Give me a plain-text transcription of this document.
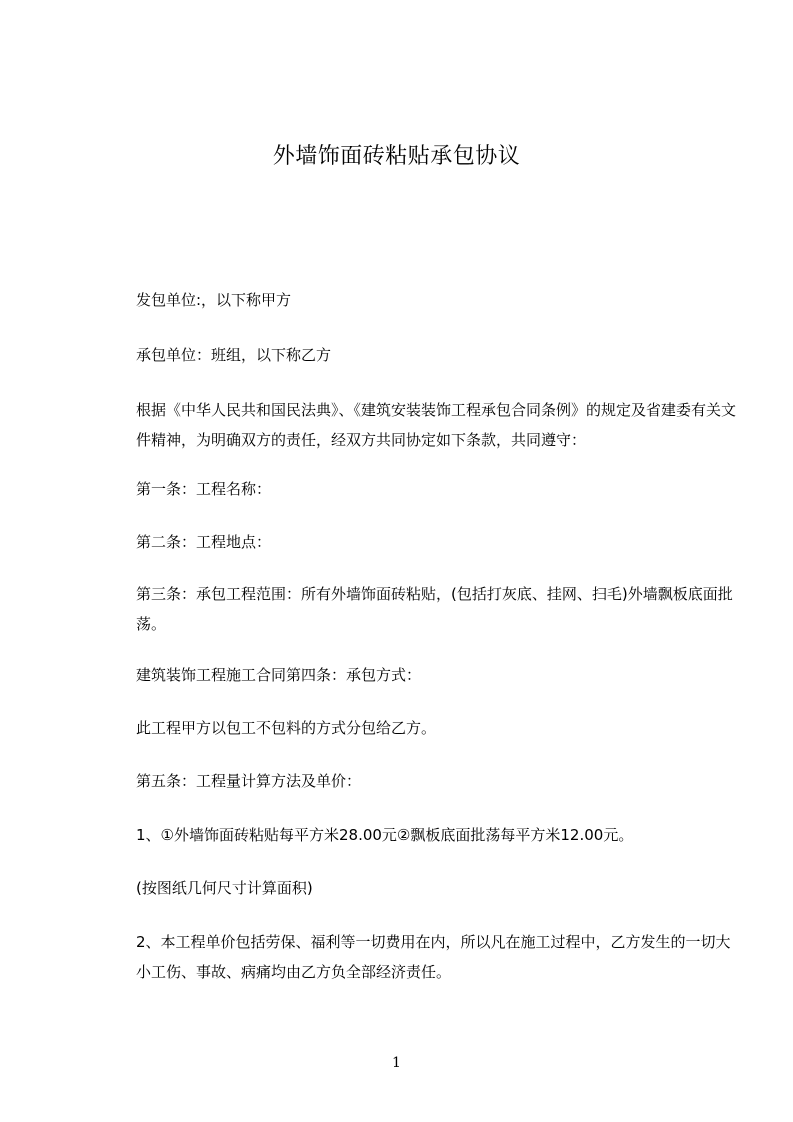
外墙饰面砖粘贴承包协议

发包单位:，以下称甲方

承包单位：班组，以下称乙方

根据《中华人民共和国民法典》、《建筑安装装饰工程承包合同条例》的规定及省建委有关文件精神，为明确双方的责任，经双方共同协定如下条款，共同遵守：

第一条：工程名称：

第二条：工程地点：

第三条：承包工程范围：所有外墙饰面砖粘贴，(包括打灰底、挂网、扫毛)外墙飘板底面批荡。

建筑装饰工程施工合同第四条：承包方式：

此工程甲方以包工不包料的方式分包给乙方。

第五条：工程量计算方法及单价：

1、①外墙饰面砖粘贴每平方米28.00元②飘板底面批荡每平方米12.00元。

(按图纸几何尺寸计算面积)

2、本工程单价包括劳保、福利等一切费用在内，所以凡在施工过程中，乙方发生的一切大小工伤、事故、病痛均由乙方负全部经济责任。

1
